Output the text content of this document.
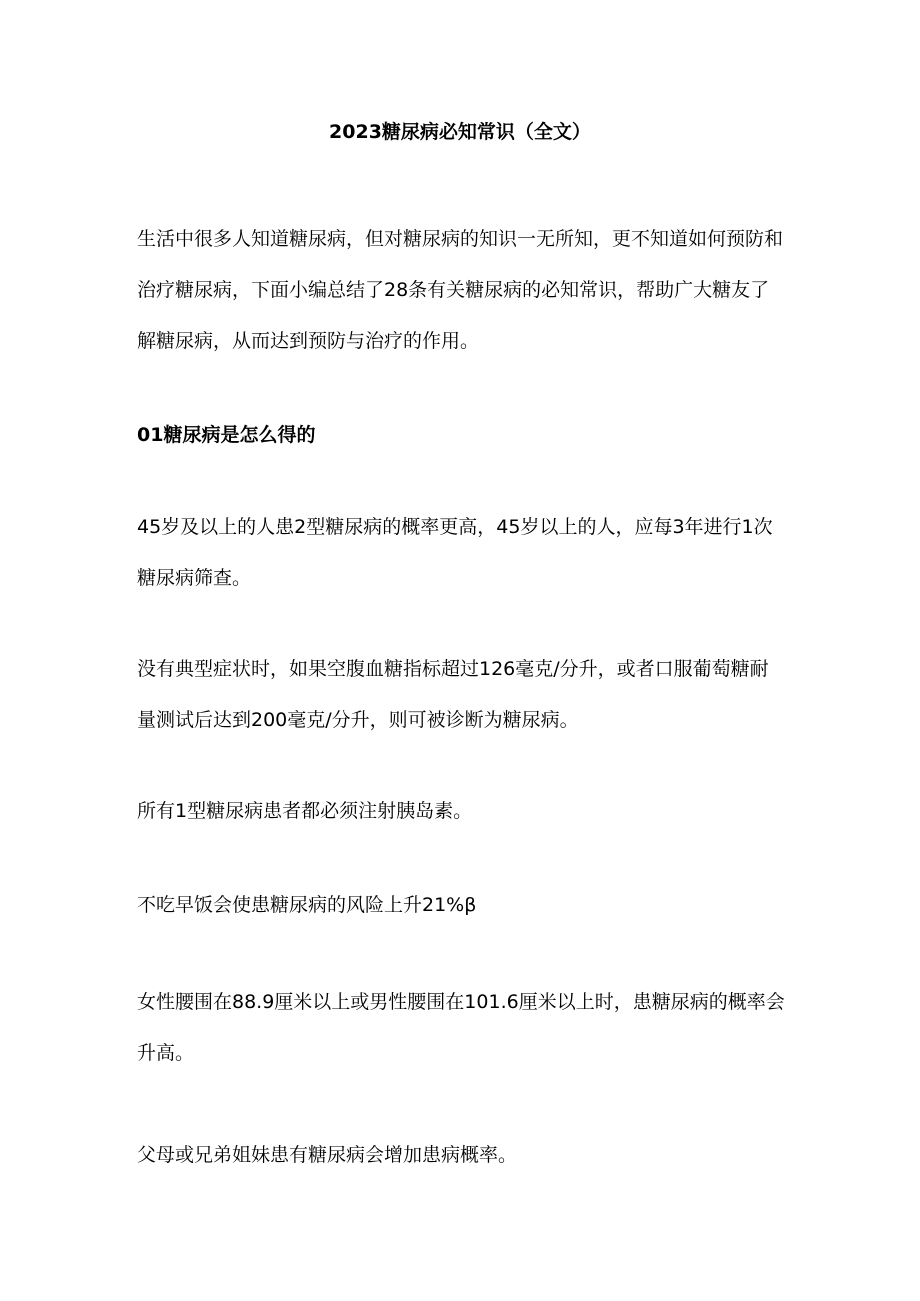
2023糖尿病必知常识（全文）
生活中很多人知道糖尿病，但对糖尿病的知识一无所知，更不知道如何预防和治疗糖尿病，下面小编总结了28条有关糖尿病的必知常识，帮助广大糖友了解糖尿病，从而达到预防与治疗的作用。
01糖尿病是怎么得的
45岁及以上的人患2型糖尿病的概率更高，45岁以上的人，应每3年进行1次糖尿病筛查。
没有典型症状时，如果空腹血糖指标超过126毫克/分升，或者口服葡萄糖耐量测试后达到200毫克/分升，则可被诊断为糖尿病。
所有1型糖尿病患者都必须注射胰岛素。
不吃早饭会使患糖尿病的风险上升21%β
女性腰围在88.9厘米以上或男性腰围在101.6厘米以上时，患糖尿病的概率会升高。
父母或兄弟姐妹患有糖尿病会增加患病概率。
